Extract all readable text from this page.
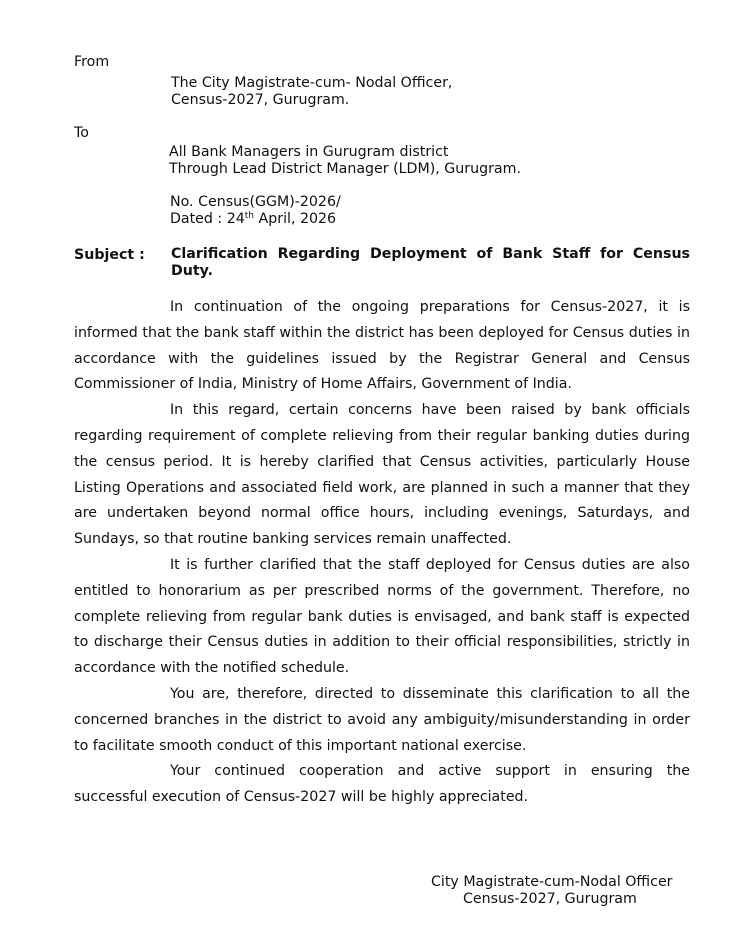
From
The City Magistrate-cum- Nodal Officer,
Census-2027, Gurugram.
To
All Bank Managers in Gurugram district
Through Lead District Manager (LDM), Gurugram.
No. Census(GGM)-2026/
Dated : 24th April, 2026
Subject : Clarification Regarding Deployment of Bank Staff for Census Duty.

In continuation of the ongoing preparations for Census-2027, it is informed that the bank staff within the district has been deployed for Census duties in accordance with the guidelines issued by the Registrar General and Census Commissioner of India, Ministry of Home Affairs, Government of India.

In this regard, certain concerns have been raised by bank officials regarding requirement of complete relieving from their regular banking duties during the census period. It is hereby clarified that Census activities, particularly House Listing Operations and associated field work, are planned in such a manner that they are undertaken beyond normal office hours, including evenings, Saturdays, and Sundays, so that routine banking services remain unaffected.

It is further clarified that the staff deployed for Census duties are also entitled to honorarium as per prescribed norms of the government. Therefore, no complete relieving from regular bank duties is envisaged, and bank staff is expected to discharge their Census duties in addition to their official responsibilities, strictly in accordance with the notified schedule.

You are, therefore, directed to disseminate this clarification to all the concerned branches in the district to avoid any ambiguity/misunderstanding in order to facilitate smooth conduct of this important national exercise.

Your continued cooperation and active support in ensuring the successful execution of Census-2027 will be highly appreciated.

City Magistrate-cum-Nodal Officer
Census-2027, Gurugram
